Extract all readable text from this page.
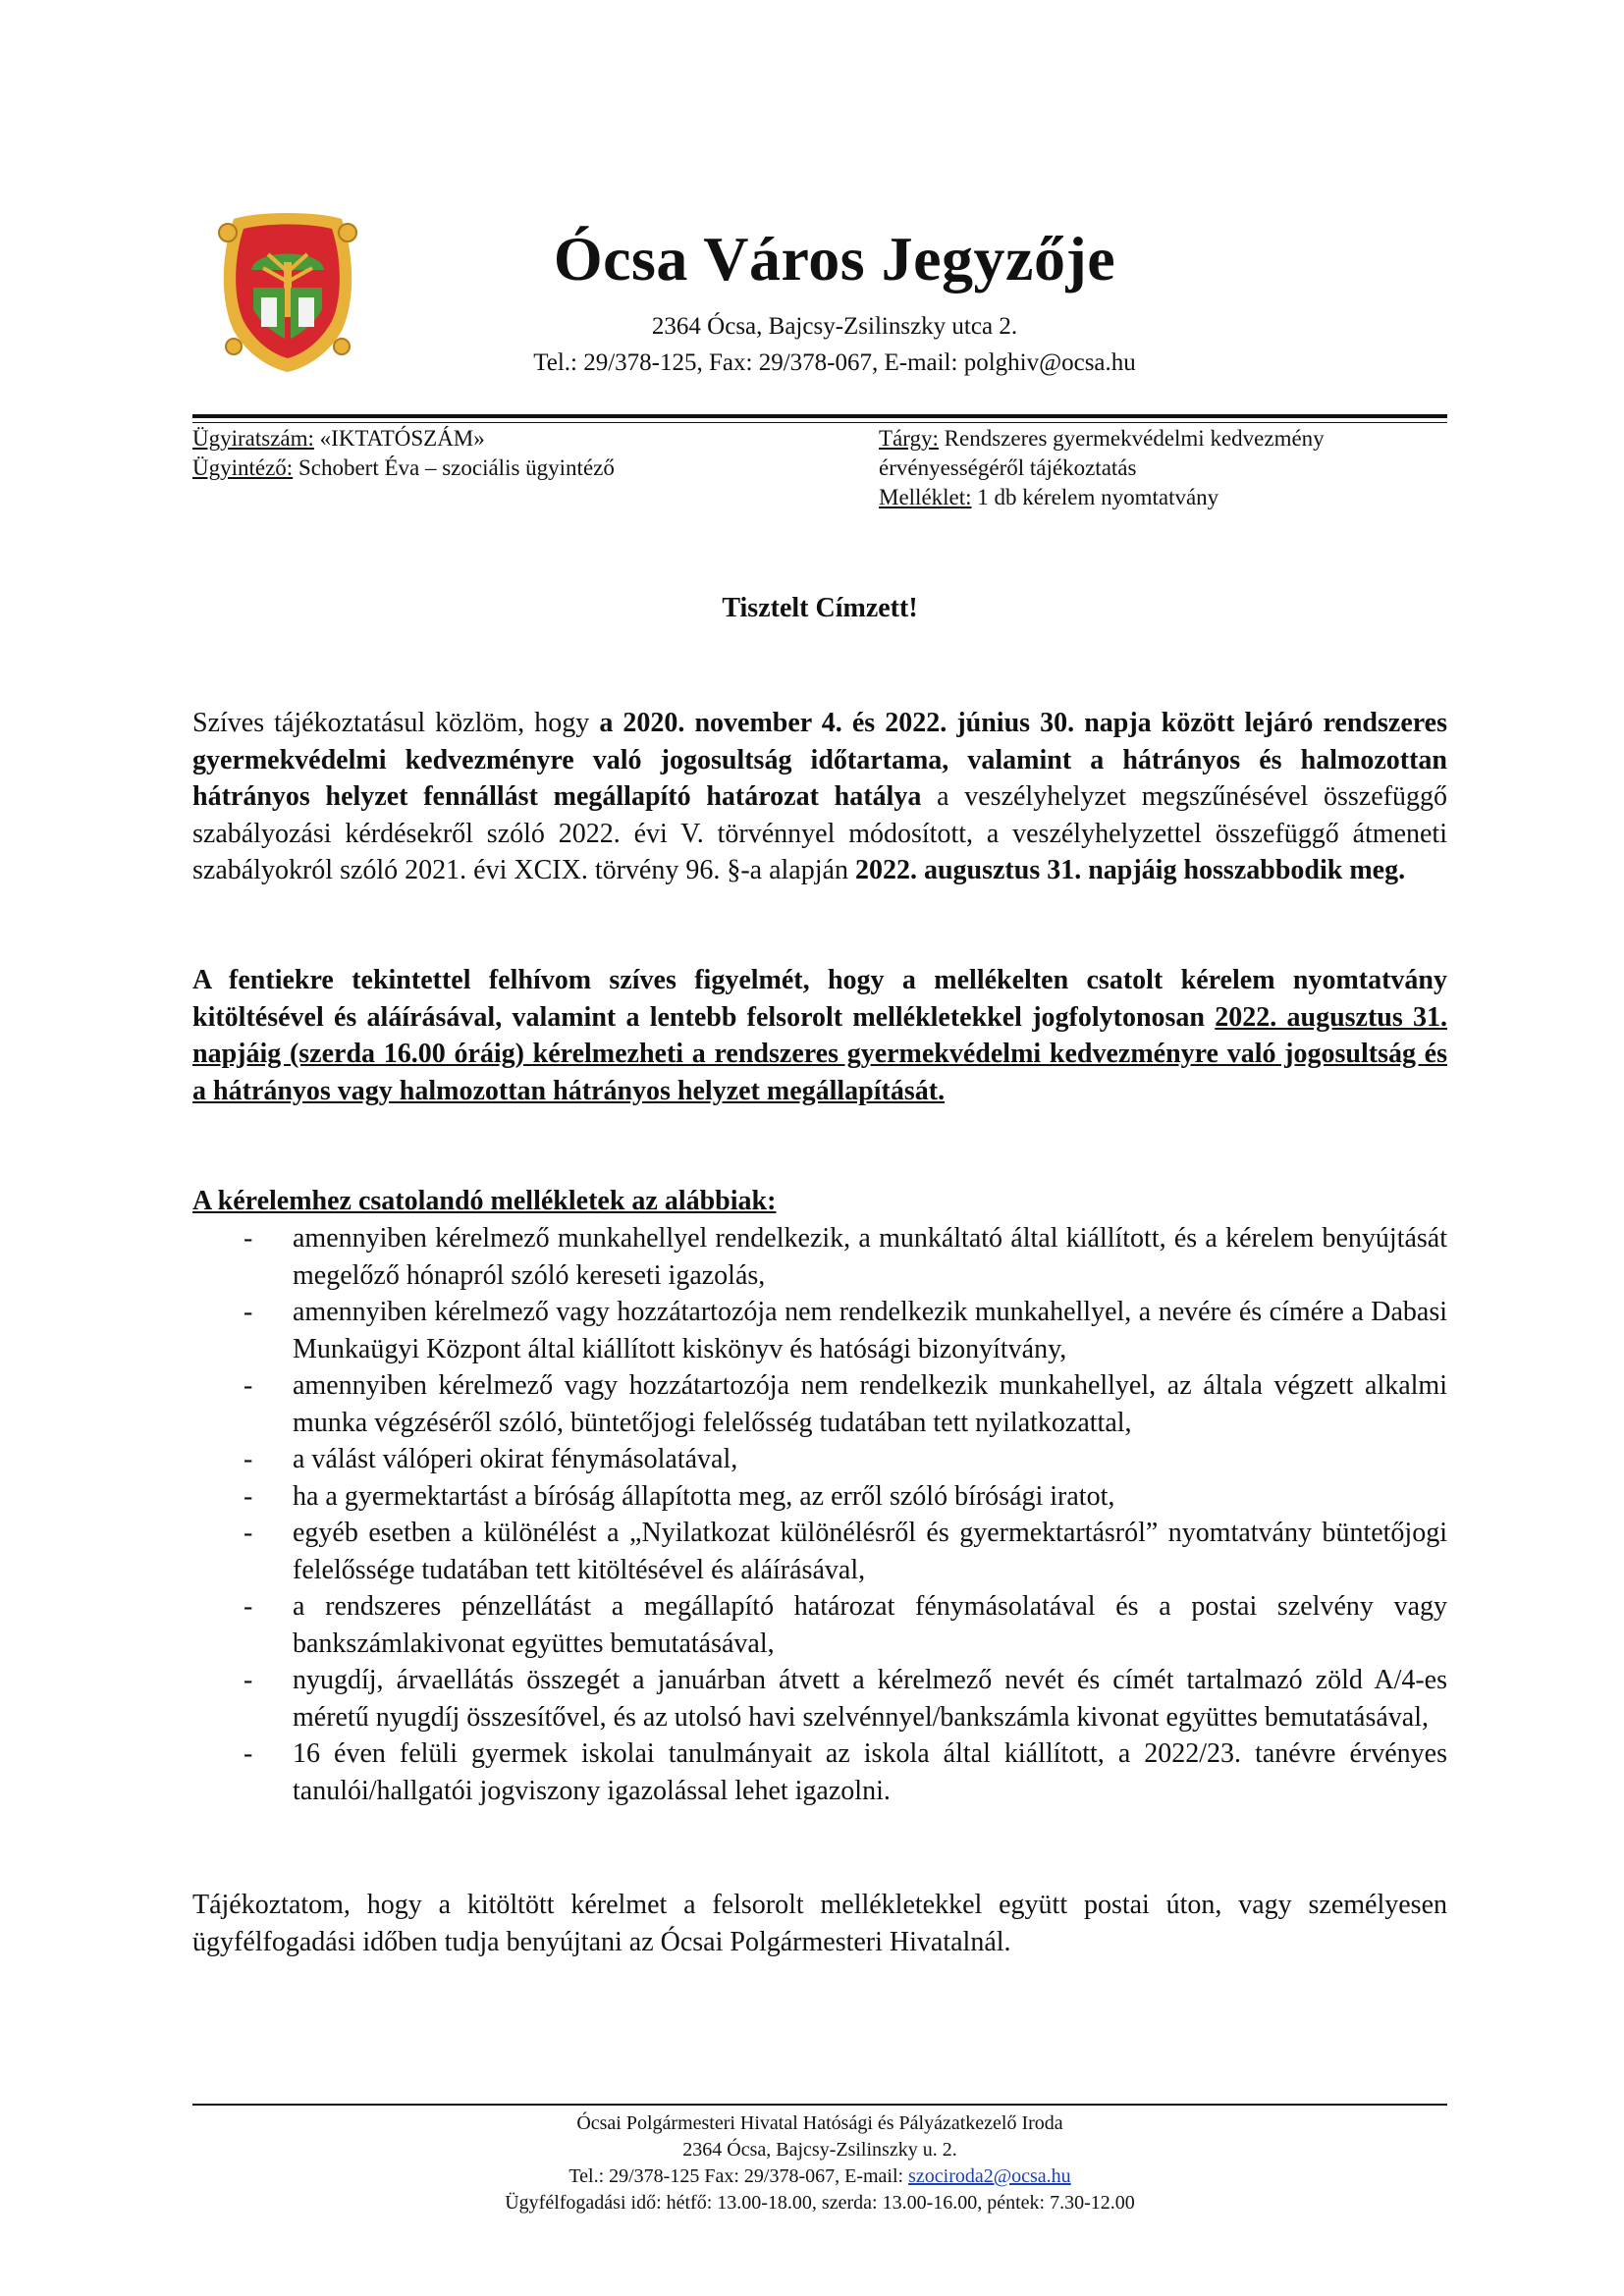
Ócsa Város Jegyzője
2364 Ócsa, Bajcsy-Zsilinszky utca 2.
Tel.: 29/378-125, Fax: 29/378-067, E-mail: polghiv@ocsa.hu
Ügyiratszám: «IKTATÓSZÁM»
Ügyintéző: Schobert Éva – szociális ügyintéző
Tárgy: Rendszeres gyermekvédelmi kedvezmény
érvényességéről tájékoztatás
Melléklet: 1 db kérelem nyomtatvány
Tisztelt Címzett!
Szíves tájékoztatásul közlöm, hogy a 2020. november 4. és 2022. június 30. napja között lejáró rendszeres gyermekvédelmi kedvezményre való jogosultság időtartama, valamint a hátrányos és halmozottan hátrányos helyzet fennállást megállapító határozat hatálya a veszélyhelyzet megszűnésével összefüggő szabályozási kérdésekről szóló 2022. évi V. törvénnyel módosított, a veszélyhelyzettel összefüggő átmeneti szabályokról szóló 2021. évi XCIX. törvény 96. §-a alapján 2022. augusztus 31. napjáig hosszabbodik meg.
A fentiekre tekintettel felhívom szíves figyelmét, hogy a mellékelten csatolt kérelem nyomtatvány kitöltésével és aláírásával, valamint a lentebb felsorolt mellékletekkel jogfolytonosan 2022. augusztus 31. napjáig (szerda 16.00 óráig) kérelmezheti a rendszeres gyermekvédelmi kedvezményre való jogosultság és a hátrányos vagy halmozottan hátrányos helyzet megállapítását.
A kérelemhez csatolandó mellékletek az alábbiak:
- amennyiben kérelmező munkahellyel rendelkezik, a munkáltató által kiállított, és a kérelem benyújtását megelőző hónapról szóló kereseti igazolás,
- amennyiben kérelmező vagy hozzátartozója nem rendelkezik munkahellyel, a nevére és címére a Dabasi Munkaügyi Központ által kiállított kiskönyv és hatósági bizonyítvány,
- amennyiben kérelmező vagy hozzátartozója nem rendelkezik munkahellyel, az általa végzett alkalmi munka végzéséről szóló, büntetőjogi felelősség tudatában tett nyilatkozattal,
- a válást válóperi okirat fénymásolatával,
- ha a gyermektartást a bíróság állapította meg, az erről szóló bírósági iratot,
- egyéb esetben a különélést a „Nyilatkozat különélésről és gyermektartásról” nyomtatvány büntetőjogi felelőssége tudatában tett kitöltésével és aláírásával,
- a rendszeres pénzellátást a megállapító határozat fénymásolatával és a postai szelvény vagy bankszámlakivonat együttes bemutatásával,
- nyugdíj, árvaellátás összegét a januárban átvett a kérelmező nevét és címét tartalmazó zöld A/4-es méretű nyugdíj összesítővel, és az utolsó havi szelvénnyel/bankszámla kivonat együttes bemutatásával,
- 16 éven felüli gyermek iskolai tanulmányait az iskola által kiállított, a 2022/23. tanévre érvényes tanulói/hallgatói jogviszony igazolással lehet igazolni.
Tájékoztatom, hogy a kitöltött kérelmet a felsorolt mellékletekkel együtt postai úton, vagy személyesen ügyfélfogadási időben tudja benyújtani az Ócsai Polgármesteri Hivatalnál.
Ócsai Polgármesteri Hivatal Hatósági és Pályázatkezelő Iroda
2364 Ócsa, Bajcsy-Zsilinszky u. 2.
Tel.: 29/378-125 Fax: 29/378-067, E-mail: szociroda2@ocsa.hu
Ügyfélfogadási idő: hétfő: 13.00-18.00, szerda: 13.00-16.00, péntek: 7.30-12.00
